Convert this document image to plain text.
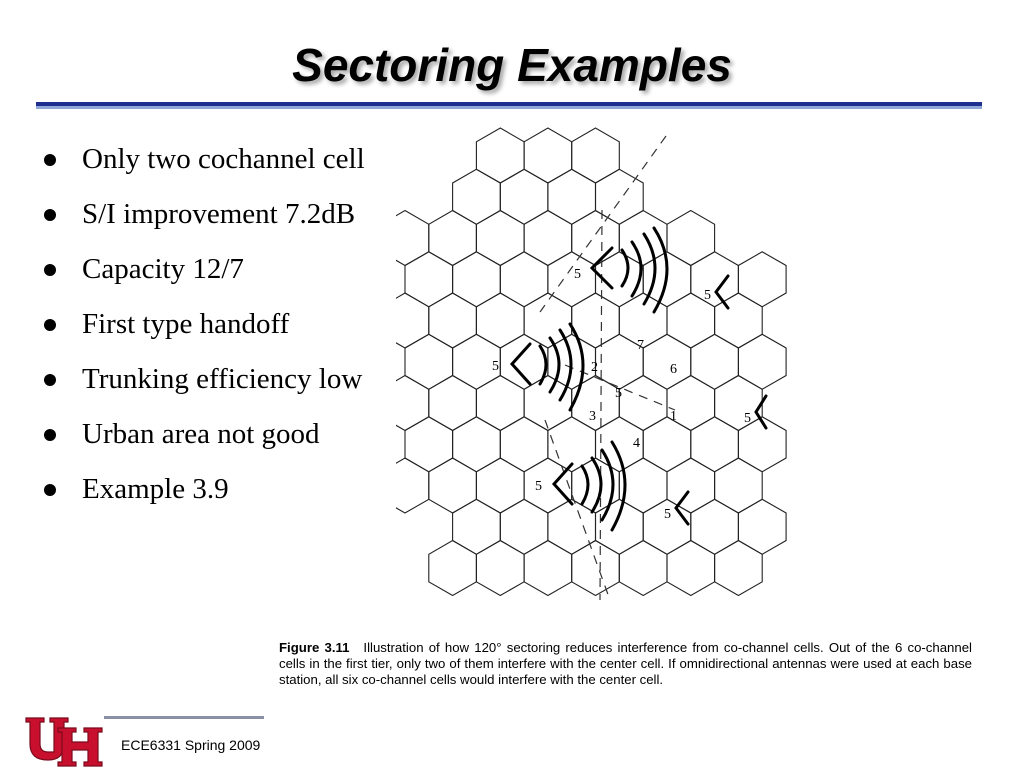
Sectoring Examples
Only two cochannel cell
S/I improvement 7.2dB
Capacity 12/7
First type handoff
Trunking efficiency low
Urban area not good
Example 3.9
5
5
5	2
7
6
5
3	1
4
5
5
5
Figure 3.11 Illustration of how 120° sectoring reduces interference from co-channel cells. Out of the 6 co-channel cells in the first tier, only two of them interfere with the center cell. If omnidirectional antennas were used at each base station, all six co-channel cells would interfere with the center cell.
ECE6331 Spring 2009
